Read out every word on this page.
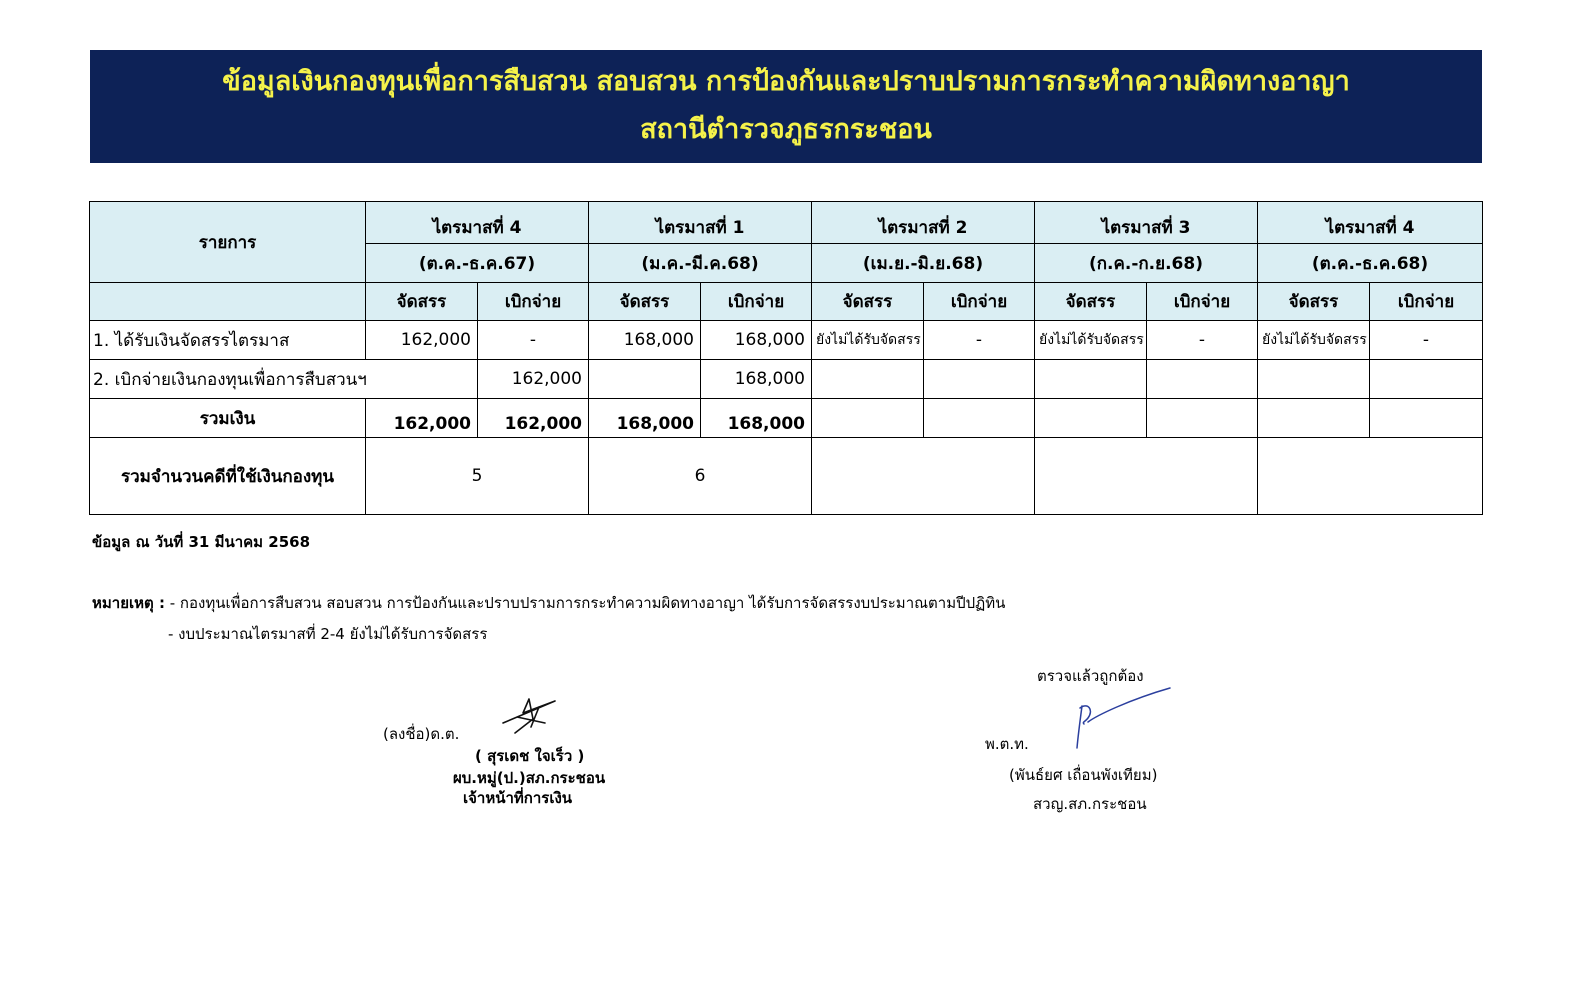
ข้อมูลเงินกองทุนเพื่อการสืบสวน สอบสวน การป้องกันและปราบปรามการกระทำความผิดทางอาญา
สถานีตำรวจภูธรกระชอน
รายการ	ไตรมาสที่ 4		ไตรมาสที่ 1		ไตรมาสที่ 2		ไตรมาสที่ 3		ไตรมาสที่ 4	
	(ต.ค.-ธ.ค.67)		(ม.ค.-มี.ค.68)		(เม.ย.-มิ.ย.68)		(ก.ค.-ก.ย.68)		(ต.ค.-ธ.ค.68)	
	จัดสรร	เบิกจ่าย	จัดสรร	เบิกจ่าย	จัดสรร	เบิกจ่าย	จัดสรร	เบิกจ่าย	จัดสรร	เบิกจ่าย
1. ได้รับเงินจัดสรรไตรมาส	162,000	-	168,000	168,000	ยังไม่ได้รับจัดสรร	-	ยังไม่ได้รับจัดสรร	-	ยังไม่ได้รับจัดสรร	-
2. เบิกจ่ายเงินกองทุนเพื่อการสืบสวนฯ		162,000		168,000						
รวมเงิน	162,000	162,000	168,000	168,000						
รวมจำนวนคดีที่ใช้เงินกองทุน	5		6							
ข้อมูล ณ วันที่ 31 มีนาคม 2568
หมายเหตุ : - กองทุนเพื่อการสืบสวน สอบสวน การป้องกันและปราบปรามการกระทำความผิดทางอาญา ได้รับการจัดสรรงบประมาณตามปีปฏิทิน
- งบประมาณไตรมาสที่ 2-4 ยังไม่ได้รับการจัดสรร
(ลงชื่อ)ด.ต.
( สุรเดช ใจเร็ว )
ผบ.หมู่(ป.)สภ.กระชอน
เจ้าหน้าที่การเงิน
ตรวจแล้วถูกต้อง
พ.ต.ท.
(พันธ์ยศ เถื่อนพังเทียม)
สวญ.สภ.กระชอน
